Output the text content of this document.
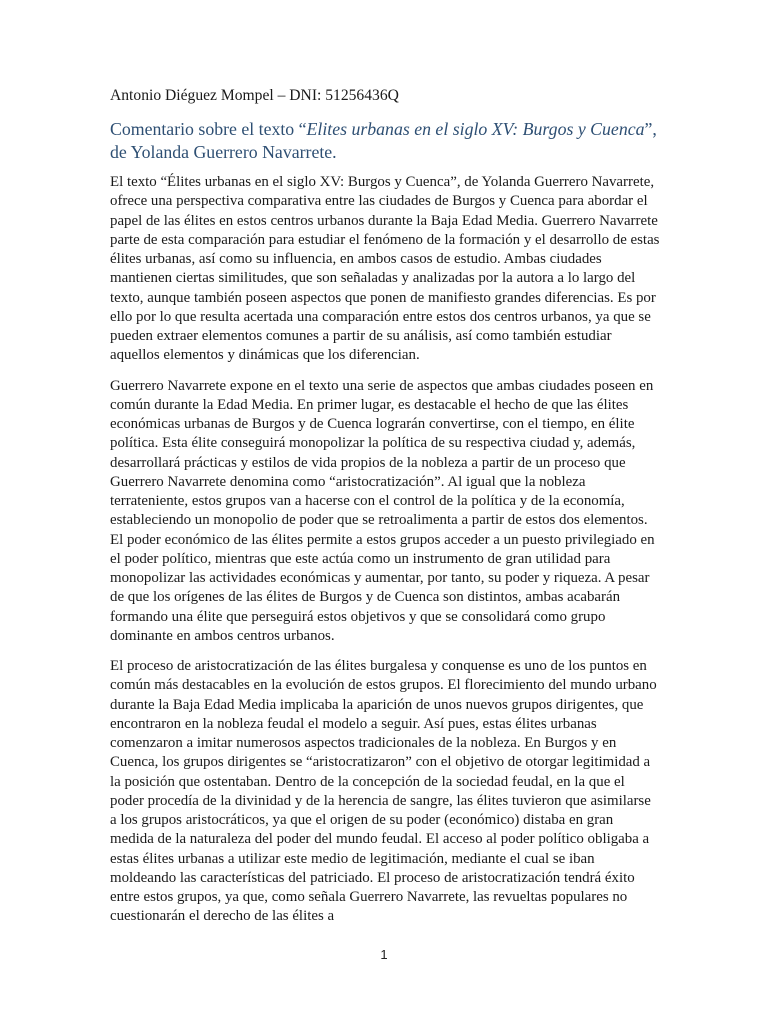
Antonio Diéguez Mompel – DNI: 51256436Q

Comentario sobre el texto “Elites urbanas en el siglo XV: Burgos y Cuenca”, de Yolanda Guerrero Navarrete.

El texto “Élites urbanas en el siglo XV: Burgos y Cuenca”, de Yolanda Guerrero Navarrete, ofrece una perspectiva comparativa entre las ciudades de Burgos y Cuenca para abordar el papel de las élites en estos centros urbanos durante la Baja Edad Media. Guerrero Navarrete parte de esta comparación para estudiar el fenómeno de la formación y el desarrollo de estas élites urbanas, así como su influencia, en ambos casos de estudio. Ambas ciudades mantienen ciertas similitudes, que son señaladas y analizadas por la autora a lo largo del texto, aunque también poseen aspectos que ponen de manifiesto grandes diferencias. Es por ello por lo que resulta acertada una comparación entre estos dos centros urbanos, ya que se pueden extraer elementos comunes a partir de su análisis, así como también estudiar aquellos elementos y dinámicas que los diferencian.

Guerrero Navarrete expone en el texto una serie de aspectos que ambas ciudades poseen en común durante la Edad Media. En primer lugar, es destacable el hecho de que las élites económicas urbanas de Burgos y de Cuenca lograrán convertirse, con el tiempo, en élite política. Esta élite conseguirá monopolizar la política de su respectiva ciudad y, además, desarrollará prácticas y estilos de vida propios de la nobleza a partir de un proceso que Guerrero Navarrete denomina como “aristocratización”. Al igual que la nobleza terrateniente, estos grupos van a hacerse con el control de la política y de la economía, estableciendo un monopolio de poder que se retroalimenta a partir de estos dos elementos. El poder económico de las élites permite a estos grupos acceder a un puesto privilegiado en el poder político, mientras que este actúa como un instrumento de gran utilidad para monopolizar las actividades económicas y aumentar, por tanto, su poder y riqueza. A pesar de que los orígenes de las élites de Burgos y de Cuenca son distintos, ambas acabarán formando una élite que perseguirá estos objetivos y que se consolidará como grupo dominante en ambos centros urbanos.

El proceso de aristocratización de las élites burgalesa y conquense es uno de los puntos en común más destacables en la evolución de estos grupos. El florecimiento del mundo urbano durante la Baja Edad Media implicaba la aparición de unos nuevos grupos dirigentes, que encontraron en la nobleza feudal el modelo a seguir. Así pues, estas élites urbanas comenzaron a imitar numerosos aspectos tradicionales de la nobleza. En Burgos y en Cuenca, los grupos dirigentes se “aristocratizaron” con el objetivo de otorgar legitimidad a la posición que ostentaban. Dentro de la concepción de la sociedad feudal, en la que el poder procedía de la divinidad y de la herencia de sangre, las élites tuvieron que asimilarse a los grupos aristocráticos, ya que el origen de su poder (económico) distaba en gran medida de la naturaleza del poder del mundo feudal. El acceso al poder político obligaba a estas élites urbanas a utilizar este medio de legitimación, mediante el cual se iban moldeando las características del patriciado. El proceso de aristocratización tendrá éxito entre estos grupos, ya que, como señala Guerrero Navarrete, las revueltas populares no cuestionarán el derecho de las élites a

1
